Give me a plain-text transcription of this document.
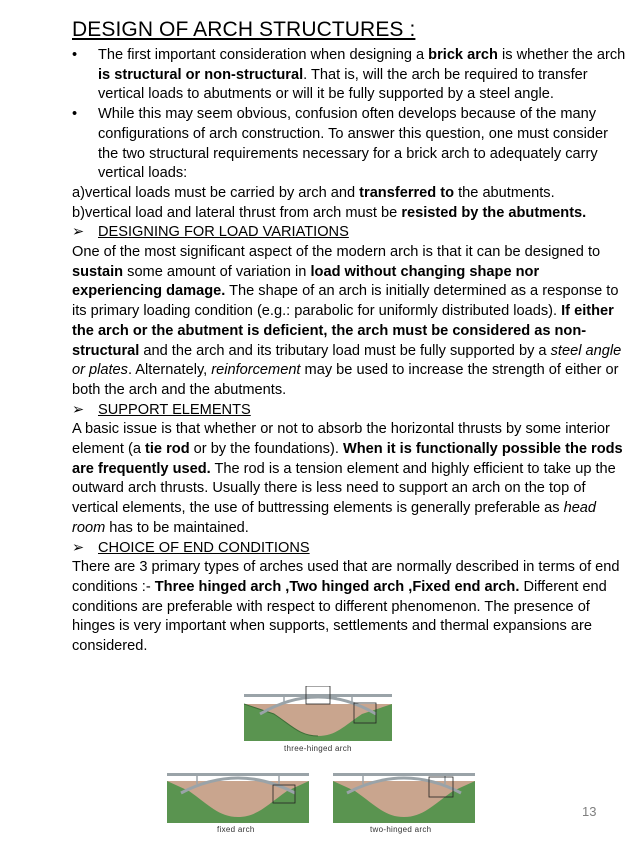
DESIGN OF ARCH STRUCTURES :

• The first important consideration when designing a brick arch is whether the arch is structural or non-structural. That is, will the arch be required to transfer vertical loads to abutments or will it be fully supported by a steel angle.

• While this may seem obvious, confusion often develops because of the many configurations of arch construction. To answer this question, one must consider the two structural requirements necessary for a brick arch to adequately carry vertical loads:

a)vertical loads must be carried by arch and transferred to the abutments.

b)vertical load and lateral thrust from arch must be resisted by the abutments.

➢ DESIGNING FOR LOAD VARIATIONS

One of the most significant aspect of the modern arch is that it can be designed to sustain some amount of variation in load without changing shape nor experiencing damage. The shape of an arch is initially determined as a response to its primary loading condition (e.g.: parabolic for uniformly distributed loads). If either the arch or the abutment is deficient, the arch must be considered as non-structural and the arch and its tributary load must be fully supported by a steel angle or plates. Alternately, reinforcement may be used to increase the strength of either or both the arch and the abutments.

➢ SUPPORT ELEMENTS

A basic issue is that whether or not to absorb the horizontal thrusts by some interior element (a tie rod or by the foundations). When it is functionally possible the rods are frequently used. The rod is a tension element and highly efficient to take up the outward arch thrusts. Usually there is less need to support an arch on the top of vertical elements, the use of buttressing elements is generally preferable as head room has to be maintained.

➢ CHOICE OF END CONDITIONS

There are 3 primary types of arches used that are normally described in terms of end conditions :- Three hinged arch ,Two hinged arch ,Fixed end arch. Different end conditions are preferable with respect to different phenomenon. The presence of hinges is very important when supports, settlements and thermal expansions are considered.

three-hinged arch
fixed arch	two-hinged arch
13
